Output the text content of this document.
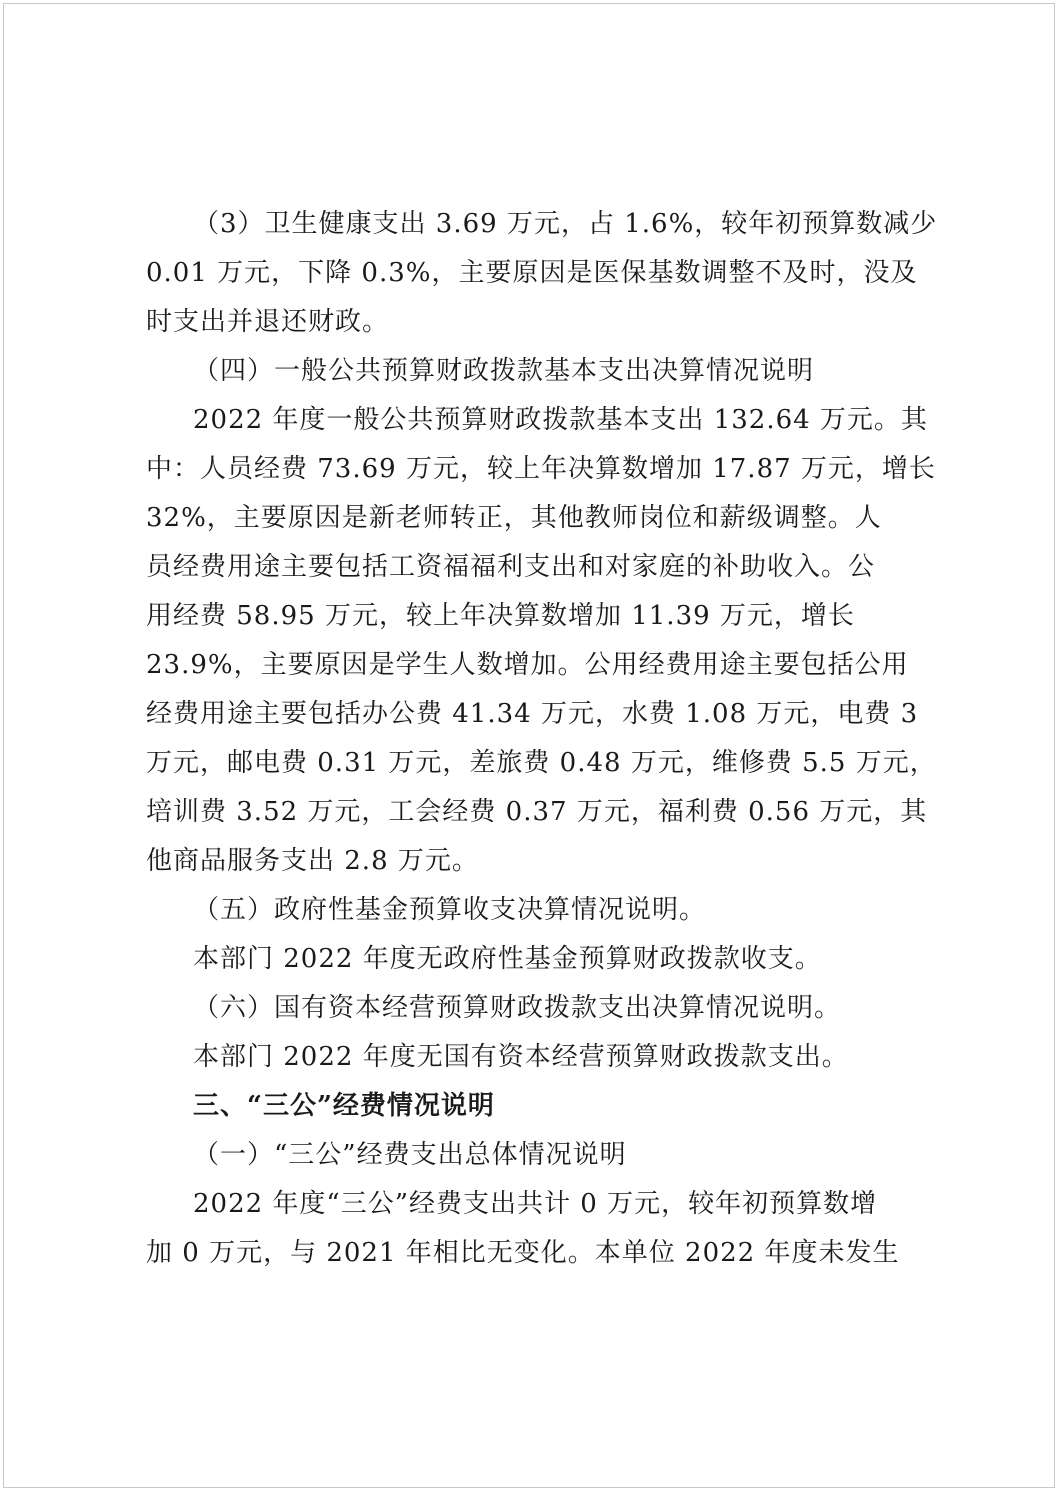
（3）卫生健康支出 3.69 万元，占 1.6%，较年初预算数减少
0.01 万元，下降 0.3%，主要原因是医保基数调整不及时，没及
时支出并退还财政。
（四）一般公共预算财政拨款基本支出决算情况说明
2022 年度一般公共预算财政拨款基本支出 132.64 万元。其
中：人员经费 73.69 万元，较上年决算数增加 17.87 万元，增长
32%，主要原因是新老师转正，其他教师岗位和薪级调整。人
员经费用途主要包括工资福福利支出和对家庭的补助收入。公
用经费 58.95 万元，较上年决算数增加 11.39 万元，增长
23.9%，主要原因是学生人数增加。公用经费用途主要包括公用
经费用途主要包括办公费 41.34 万元，水费 1.08 万元，电费 3
万元，邮电费 0.31 万元，差旅费 0.48 万元，维修费 5.5 万元，
培训费 3.52 万元，工会经费 0.37 万元，福利费 0.56 万元，其
他商品服务支出 2.8 万元。
（五）政府性基金预算收支决算情况说明。
本部门 2022 年度无政府性基金预算财政拨款收支。
（六）国有资本经营预算财政拨款支出决算情况说明。
本部门 2022 年度无国有资本经营预算财政拨款支出。
三、“三公”经费情况说明
（一）“三公”经费支出总体情况说明
2022 年度“三公”经费支出共计 0 万元，较年初预算数增
加 0 万元，与 2021 年相比无变化。本单位 2022 年度未发生
